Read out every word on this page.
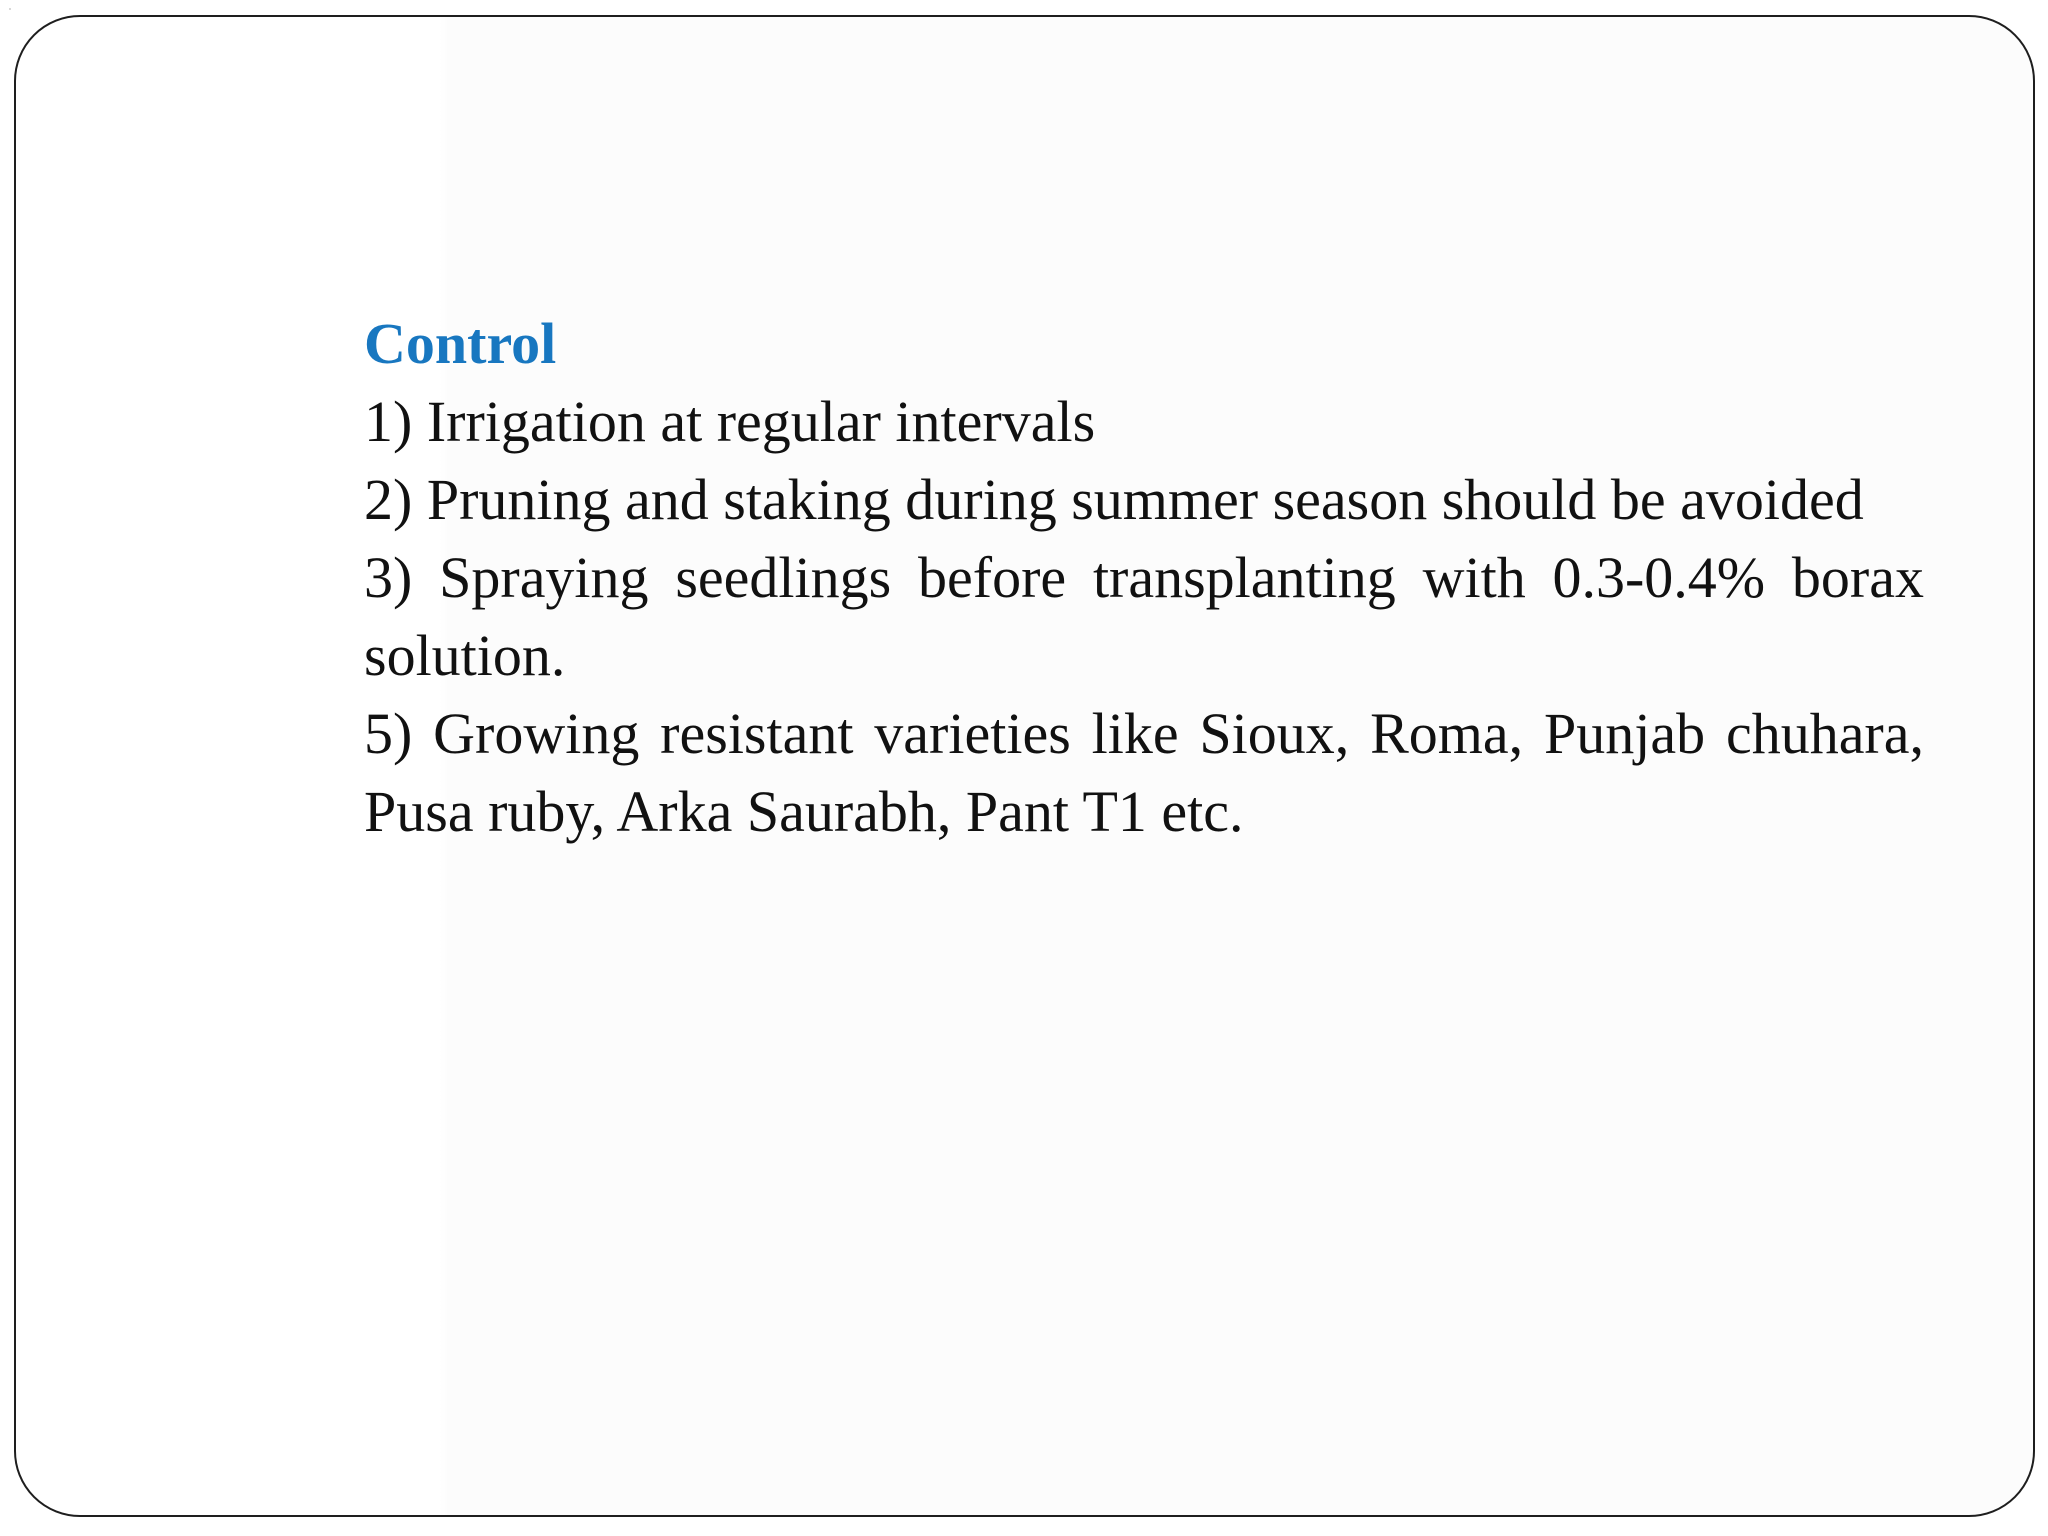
Control

1) Irrigation at regular intervals

2) Pruning and staking during summer season should be avoided

3) Spraying seedlings before transplanting with 0.3-0.4% borax solution.

5) Growing resistant varieties like Sioux, Roma, Punjab chuhara, Pusa ruby, Arka Saurabh, Pant T1 etc.
